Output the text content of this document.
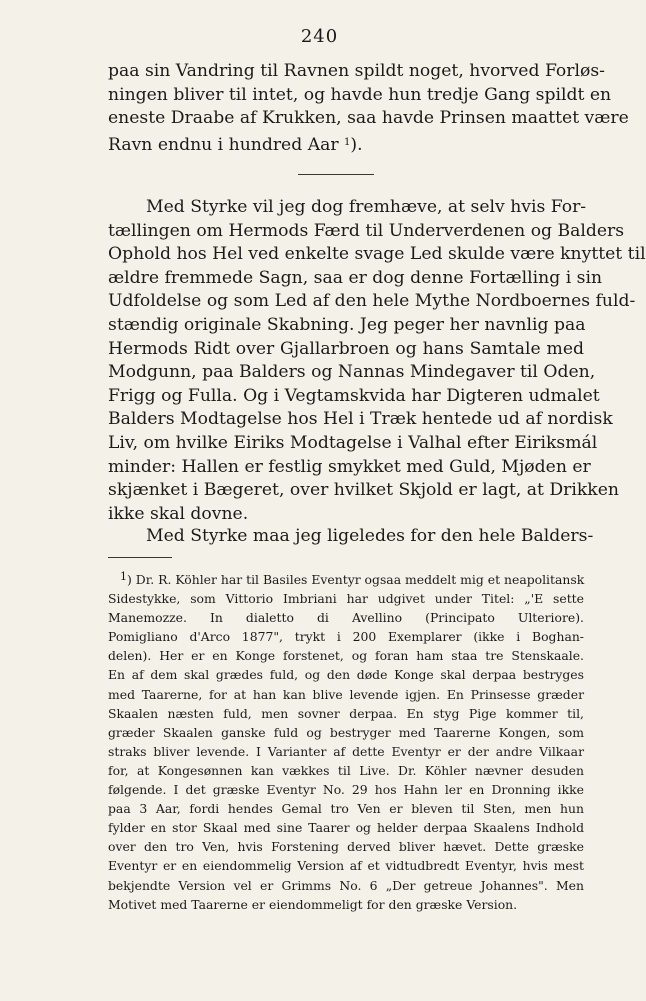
240
paa sin Vandring til Ravnen spildt noget, hvorved Forløs-
ningen bliver til intet, og havde hun tredje Gang spildt en
eneste Draabe af Krukken, saa havde Prinsen maattet være
Ravn endnu i hundred Aar $^1$).
Med Styrke vil jeg dog fremhæve, at selv hvis For-
tællingen om Hermods Færd til Underverdenen og Balders
Ophold hos Hel ved enkelte svage Led skulde være knyttet til
ældre fremmede Sagn, saa er dog denne Fortælling i sin
Udfoldelse og som Led af den hele Mythe Nordboernes fuld-
stændig originale Skabning. Jeg peger her navnlig paa
Hermods Ridt over Gjallarbroen og hans Samtale med
Modgunn, paa Balders og Nannas Mindegaver til Oden,
Frigg og Fulla. Og i Vegtamskvida har Digteren udmalet
Balders Modtagelse hos Hel i Træk hentede ud af nordisk
Liv, om hvilke Eiriks Modtagelse i Valhal efter Eiriksmál
minder: Hallen er festlig smykket med Guld, Mjøden er
skjænket i Bægeret, over hvilket Skjold er lagt, at Drikken
ikke skal dovne.
Med Styrke maa jeg ligeledes for den hele Balders-
1) Dr. R. Köhler har til Basiles Eventyr ogsaa meddelt mig et neapolitansk
Sidestykke, som Vittorio Imbriani har udgivet under Titel: „'E sette
Manemozze. In dialetto di Avellino (Principato Ulteriore).
Pomigliano d'Arco 1877", trykt i 200 Exemplarer (ikke i Boghan-
delen). Her er en Konge forstenet, og foran ham staa tre Stenskaale.
En af dem skal grædes fuld, og den døde Konge skal derpaa bestryges
med Taarerne, for at han kan blive levende igjen. En Prinsesse græder
Skaalen næsten fuld, men sovner derpaa. En styg Pige kommer til,
græder Skaalen ganske fuld og bestryger med Taarerne Kongen, som
straks bliver levende. I Varianter af dette Eventyr er der andre Vilkaar
for, at Kongesønnen kan vækkes til Live. Dr. Köhler nævner desuden
følgende. I det græske Eventyr No. 29 hos Hahn ler en Dronning ikke
paa 3 Aar, fordi hendes Gemal tro Ven er bleven til Sten, men hun
fylder en stor Skaal med sine Taarer og helder derpaa Skaalens Indhold
over den tro Ven, hvis Forstening derved bliver hævet. Dette græske
Eventyr er en eiendommelig Version af et vidtudbredt Eventyr, hvis mest
bekjendte Version vel er Grimms No. 6 „Der getreue Johannes". Men
Motivet med Taarerne er eiendommeligt for den græske Version.
